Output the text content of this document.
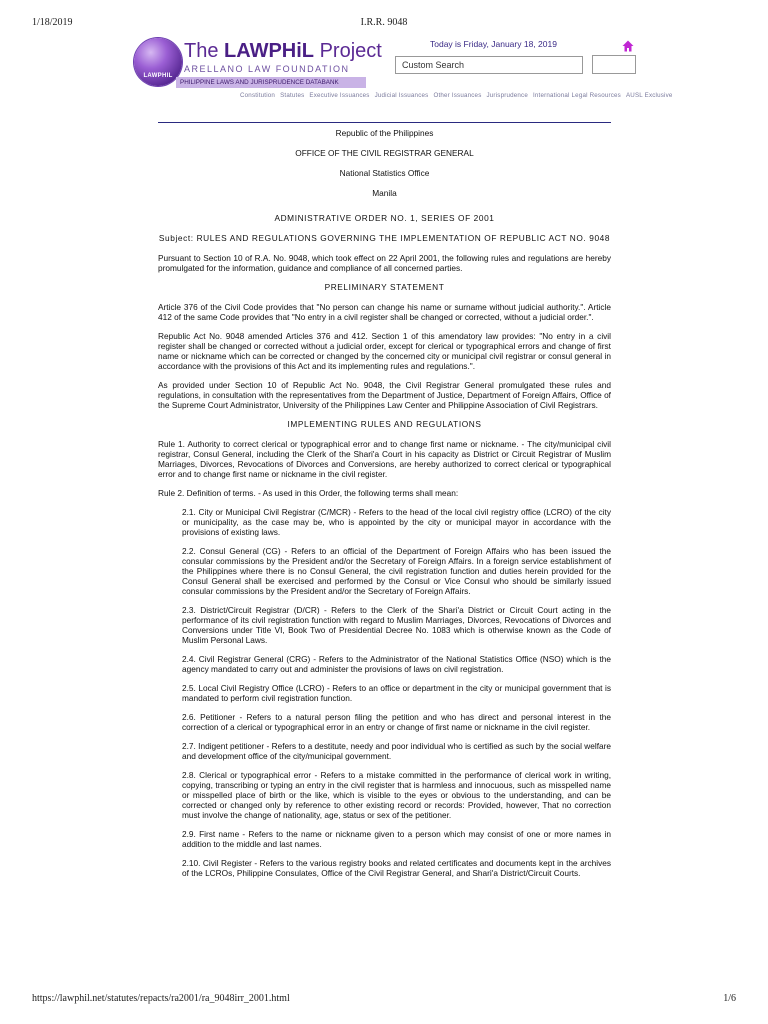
1/18/2019	I.R.R. 9048
LAWPHIL
The LAWPHiL Project
ARELLANO LAW FOUNDATION
PHILIPPINE LAWS AND JURISPRUDENCE DATABANK
Today is Friday, January 18, 2019
Custom Search
Constitution Statutes Executive Issuances Judicial Issuances Other Issuances Jurisprudence International Legal Resources AUSL Exclusive
Republic of the Philippines
OFFICE OF THE CIVIL REGISTRAR GENERAL
National Statistics Office
Manila
ADMINISTRATIVE ORDER NO. 1, SERIES OF 2001
Subject: RULES AND REGULATIONS GOVERNING THE IMPLEMENTATION OF REPUBLIC ACT NO. 9048

Pursuant to Section 10 of R.A. No. 9048, which took effect on 22 April 2001, the following rules and regulations are hereby promulgated for the information, guidance and compliance of all concerned parties.

PRELIMINARY STATEMENT

Article 376 of the Civil Code provides that "No person can change his name or surname without judicial authority.". Article 412 of the same Code provides that "No entry in a civil register shall be changed or corrected, without a judicial order.".

Republic Act No. 9048 amended Articles 376 and 412. Section 1 of this amendatory law provides: "No entry in a civil register shall be changed or corrected without a judicial order, except for clerical or typographical errors and change of first name or nickname which can be corrected or changed by the concerned city or municipal civil registrar or consul general in accordance with the provisions of this Act and its implementing rules and regulations.".

As provided under Section 10 of Republic Act No. 9048, the Civil Registrar General promulgated these rules and regulations, in consultation with the representatives from the Department of Justice, Department of Foreign Affairs, Office of the Supreme Court Administrator, University of the Philippines Law Center and Philippine Association of Civil Registrars.

IMPLEMENTING RULES AND REGULATIONS

Rule 1. Authority to correct clerical or typographical error and to change first name or nickname. - The city/municipal civil registrar, Consul General, including the Clerk of the Shari'a Court in his capacity as District or Circuit Registrar of Muslim Marriages, Divorces, Revocations of Divorces and Conversions, are hereby authorized to correct clerical or typographical error and to change first name or nickname in the civil register.

Rule 2. Definition of terms. - As used in this Order, the following terms shall mean:

2.1. City or Municipal Civil Registrar (C/MCR) - Refers to the head of the local civil registry office (LCRO) of the city or municipality, as the case may be, who is appointed by the city or municipal mayor in accordance with the provisions of existing laws.

2.2. Consul General (CG) - Refers to an official of the Department of Foreign Affairs who has been issued the consular commissions by the President and/or the Secretary of Foreign Affairs. In a foreign service establishment of the Philippines where there is no Consul General, the civil registration function and duties herein provided for the Consul General shall be exercised and performed by the Consul or Vice Consul who should be similarly issued consular commissions by the President and/or the Secretary of Foreign Affairs.

2.3. District/Circuit Registrar (D/CR) - Refers to the Clerk of the Shari'a District or Circuit Court acting in the performance of its civil registration function with regard to Muslim Marriages, Divorces, Revocations of Divorces and Conversions under Title VI, Book Two of Presidential Decree No. 1083 which is otherwise known as the Code of Muslim Personal Laws.

2.4. Civil Registrar General (CRG) - Refers to the Administrator of the National Statistics Office (NSO) which is the agency mandated to carry out and administer the provisions of laws on civil registration.

2.5. Local Civil Registry Office (LCRO) - Refers to an office or department in the city or municipal government that is mandated to perform civil registration function.

2.6. Petitioner - Refers to a natural person filing the petition and who has direct and personal interest in the correction of a clerical or typographical error in an entry or change of first name or nickname in the civil register.

2.7. Indigent petitioner - Refers to a destitute, needy and poor individual who is certified as such by the social welfare and development office of the city/municipal government.

2.8. Clerical or typographical error - Refers to a mistake committed in the performance of clerical work in writing, copying, transcribing or typing an entry in the civil register that is harmless and innocuous, such as misspelled name or misspelled place of birth or the like, which is visible to the eyes or obvious to the understanding, and can be corrected or changed only by reference to other existing record or records: Provided, however, That no correction must involve the change of nationality, age, status or sex of the petitioner.

2.9. First name - Refers to the name or nickname given to a person which may consist of one or more names in addition to the middle and last names.

2.10. Civil Register - Refers to the various registry books and related certificates and documents kept in the archives of the LCROs, Philippine Consulates, Office of the Civil Registrar General, and Shari'a District/Circuit Courts.

https://lawphil.net/statutes/repacts/ra2001/ra_9048irr_2001.html	1/6
